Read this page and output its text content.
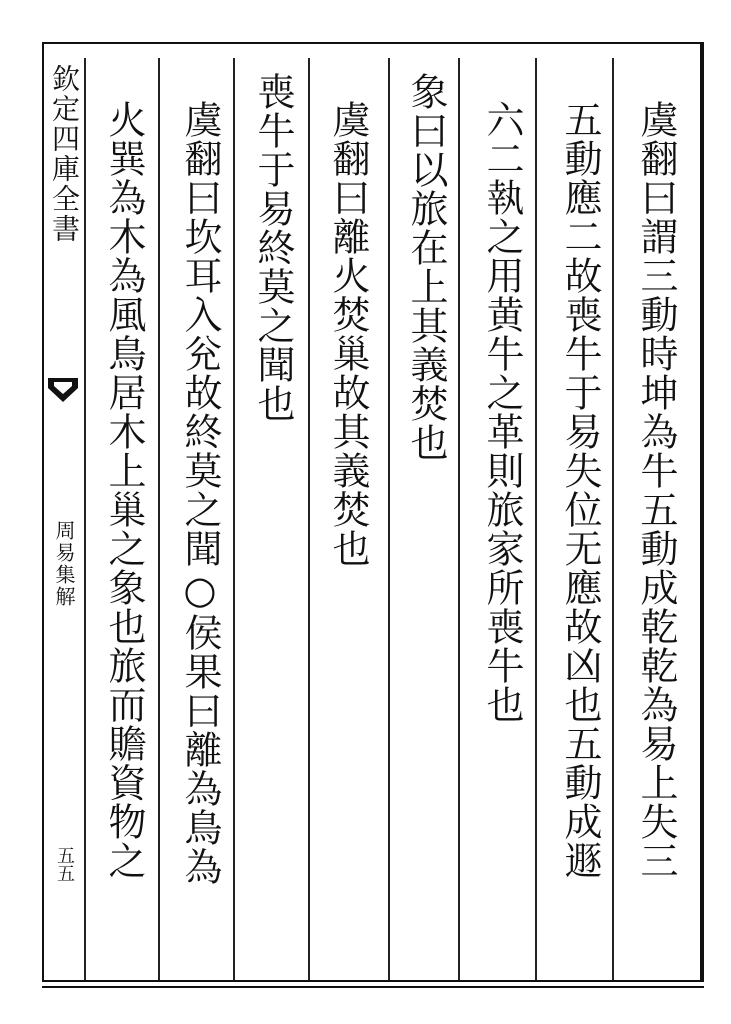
欽定四庫全書
周易集解
五五	虞翻曰謂三動時坤為牛五動成乾乾為易上失三
五動應二故喪牛于易失位无應故凶也五動成遯
六二執之用黄牛之革則旅家所喪牛也
象曰以旅在上其義焚也
虞翻曰離火焚巢故其義焚也
喪牛于易終莫之聞也
虞翻曰坎耳入兊故終莫之聞○侯果曰離為鳥為
火巽為木為風鳥居木上巢之象也旅而贍資物之
